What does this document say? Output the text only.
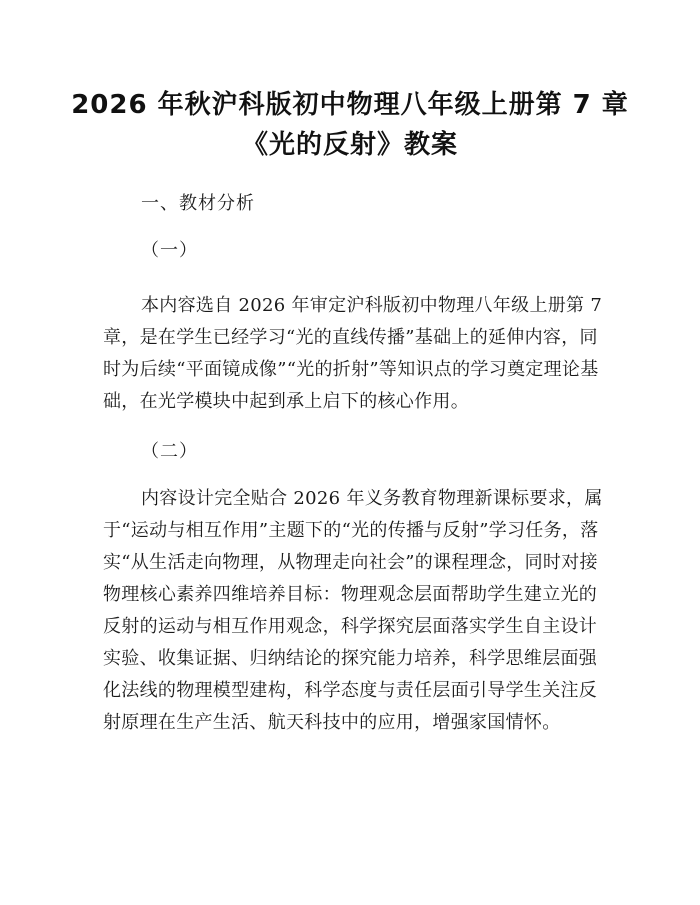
2026 年秋沪科版初中物理八年级上册第 7 章
《光的反射》教案
一、教材分析
（一）
本内容选自 2026 年审定沪科版初中物理八年级上册第 7 章，是在学生已经学习“光的直线传播”基础上的延伸内容，同时为后续“平面镜成像”“光的折射”等知识点的学习奠定理论基础，在光学模块中起到承上启下的核心作用。
（二）
内容设计完全贴合 2026 年义务教育物理新课标要求，属于“运动与相互作用”主题下的“光的传播与反射”学习任务，落实“从生活走向物理，从物理走向社会”的课程理念，同时对接物理核心素养四维培养目标：物理观念层面帮助学生建立光的反射的运动与相互作用观念，科学探究层面落实学生自主设计实验、收集证据、归纳结论的探究能力培养，科学思维层面强化法线的物理模型建构，科学态度与责任层面引导学生关注反射原理在生产生活、航天科技中的应用，增强家国情怀。
